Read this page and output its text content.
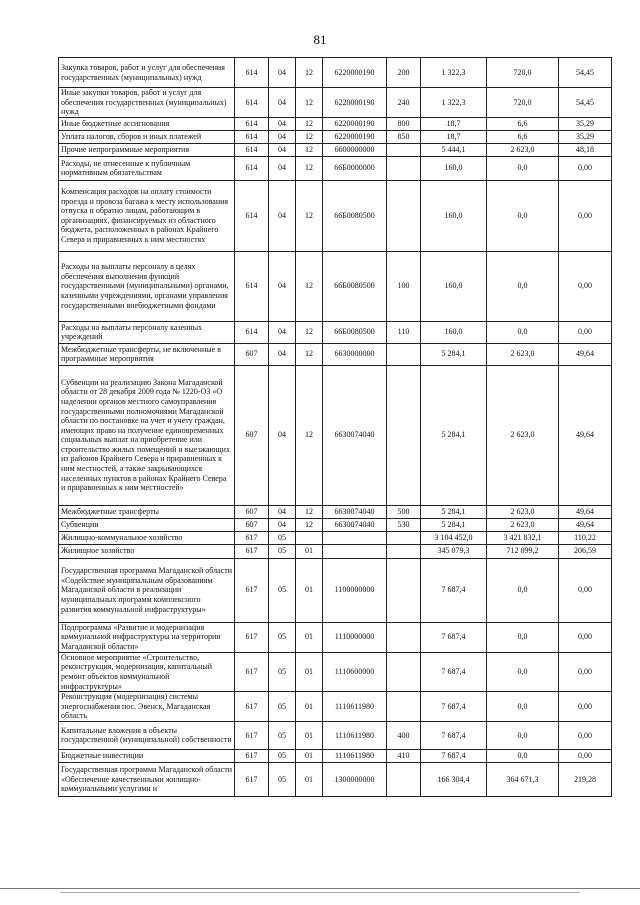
81
Закупка товаров, работ и услуг для обеспечения государственных (муниципальных) нужд	614	04	12	6220000190	200	1 322,3	720,0	54,45
Иные закупки товаров, работ и услуг для обеспечения государственных (муниципальных) нужд	614	04	12	6220000190	240	1 322,3	720,0	54,45
Иные бюджетные ассигнования	614	04	12	6220000190	800	18,7	6,6	35,29
Уплата налогов, сборов и иных платежей	614	04	12	6220000190	850	18,7	6,6	35,29
Прочие непрограммные мероприятия	614	04	12	6600000000		5 444,1	2 623,0	48,18
Расходы, не отнесенные к публичным нормативным обязательствам	614	04	12	66Б0000000		160,0	0,0	0,00
Компенсация расходов на оплату стоимости проезда и провоза багажа к месту использования отпуска и обратно лицам, работающим в организациях, финансируемых из областного бюджета, расположенных в районах Крайнего Севера и приравненных к ним местностях	614	04	12	66Б0080500		160,0	0,0	0,00
Расходы на выплаты персоналу в целях обеспечения выполнения функций государственными (муниципальными) органами, казенными учреждениями, органами управления государственными внебюджетными фондами	614	04	12	66Б0080500	100	160,0	0,0	0,00
Расходы на выплаты персоналу казенных учреждений	614	04	12	66Б0080500	110	160,0	0,0	0,00
Межбюджетные трансферты, не включенные в программные мероприятия	607	04	12	66З0000000		5 284,1	2 623,0	49,64
Субвенции на реализацию Закона Магаданской области от 28 декабря 2009 года № 1220-ОЗ «О наделении органов местного самоуправления государственными полномочиями Магаданской области по постановке на учет и учету граждан, имеющих право на получение единовременных социальных выплат на приобретение или строительство жилых помещений и выезжающих из районов Крайнего Севера и приравненных к ним местностей, а также закрывающихся населенных пунктов в районах Крайнего Севера и приравненных к ним местностей»	607	04	12	66З0074040		5 284,1	2 623,0	49,64
Межбюджетные трансферты	607	04	12	66З0074040	500	5 284,1	2 623,0	49,64
Субвенции	607	04	12	66З0074040	530	5 284,1	2 623,0	49,64
Жилищно-коммунальное хозяйство	617	05				3 104 452,0	3 421 832,1	110,22
Жилищное хозяйство	617	05	01			345 079,3	712 899,2	206,59
Государственная программа Магаданской области «Содействие муниципальным образованиям Магаданской области в реализации муниципальных программ комплексного развития коммунальной инфраструктуры»	617	05	01	1100000000		7 687,4	0,0	0,00
Подпрограмма «Развитие и модернизация коммунальной инфраструктуры на территории Магаданской области»	617	05	01	1110000000		7 687,4	0,0	0,00
Основное мероприятие «Строительство, реконструкция, модернизация, капитальный ремонт объектов коммунальной инфраструктуры»	617	05	01	1110600000		7 687,4	0,0	0,00
Реконструкция (модернизация) системы энергоснабжения пос. Эвенск, Магаданская область	617	05	01	1110611980		7 687,4	0,0	0,00
Капитальные вложения в объекты государственной (муниципальной) собственности	617	05	01	1110611980	400	7 687,4	0,0	0,00
Бюджетные инвестиции	617	05	01	1110611980	410	7 687,4	0,0	0,00
Государственная программа Магаданской области «Обеспечение качественными жилищно-коммунальными услугами и	617	05	01	1300000000		166 304,4	364 671,3	219,28
